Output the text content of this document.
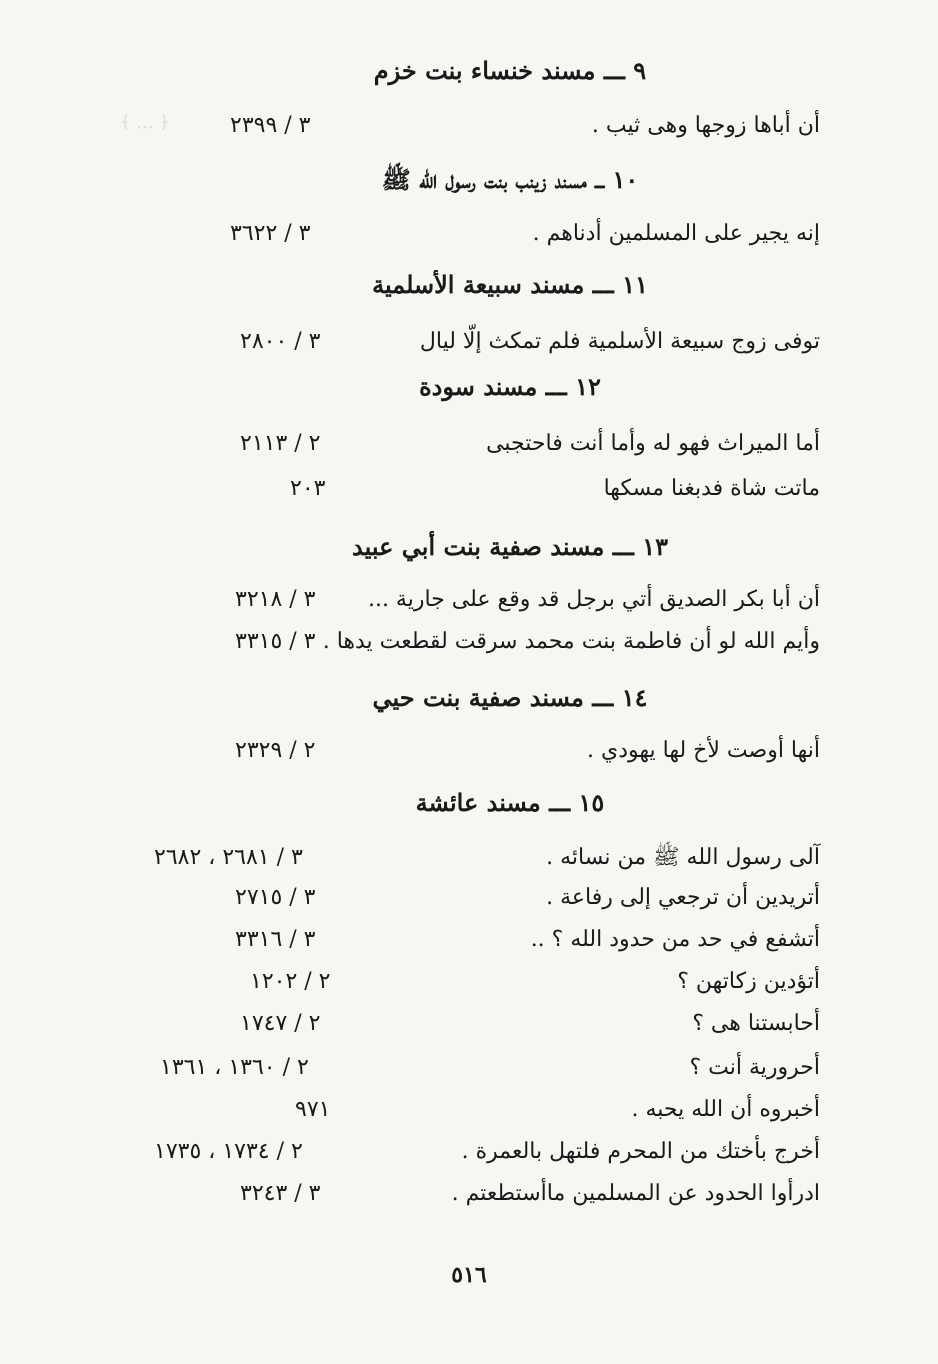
﴿ ... ﴾
٩ ـــ مسند خنساء بنت خزم
أن أباها زوجها وهى ثيب .
٣ / ٢٣٩٩
١٠ ـــ مسند زينب بنت رسول الله ﷺ
إنه يجير على المسلمين أدناهم .
٣ / ٣٦٢٢
١١ ـــ مسند سبيعة الأسلمية
توفى زوج سبيعة الأسلمية فلم تمكث إلّا ليال
٣ / ٢٨٠٠
١٢ ـــ مسند سودة
أما الميراث فهو له وأما أنت فاحتجبى
٢ / ٢١١٣
ماتت شاة فدبغنا مسكها
٢٠٣
١٣ ـــ مسند صفية بنت أبي عبيد
أن أبا بكر الصديق أتي برجل قد وقع على جارية ...
٣ / ٣٢١٨
وأيم الله لو أن فاطمة بنت محمد سرقت لقطعت يدها .
٣ / ٣٣١٥
١٤ ـــ مسند صفية بنت حيي
أنها أوصت لأخ لها يهودي .
٢ / ٢٣٢٩
١٥ ـــ مسند عائشة
آلى رسول الله ﷺ من نسائه .
٣ / ٢٦٨١ ، ٢٦٨٢
أتريدين أن ترجعي إلى رفاعة .
٣ / ٢٧١٥
أتشفع في حد من حدود الله ؟ ..
٣ / ٣٣١٦
أتؤدين زكاتهن ؟
٢ / ١٢٠٢
أحابستنا هى ؟
٢ / ١٧٤٧
أحرورية أنت ؟
٢ / ١٣٦٠ ، ١٣٦١
أخبروه أن الله يحبه .
٩٧١
أخرج بأختك من المحرم فلتهل بالعمرة .
٢ / ١٧٣٤ ، ١٧٣٥
ادرأوا الحدود عن المسلمين ماأستطعتم .
٣ / ٣٢٤٣
٥١٦
